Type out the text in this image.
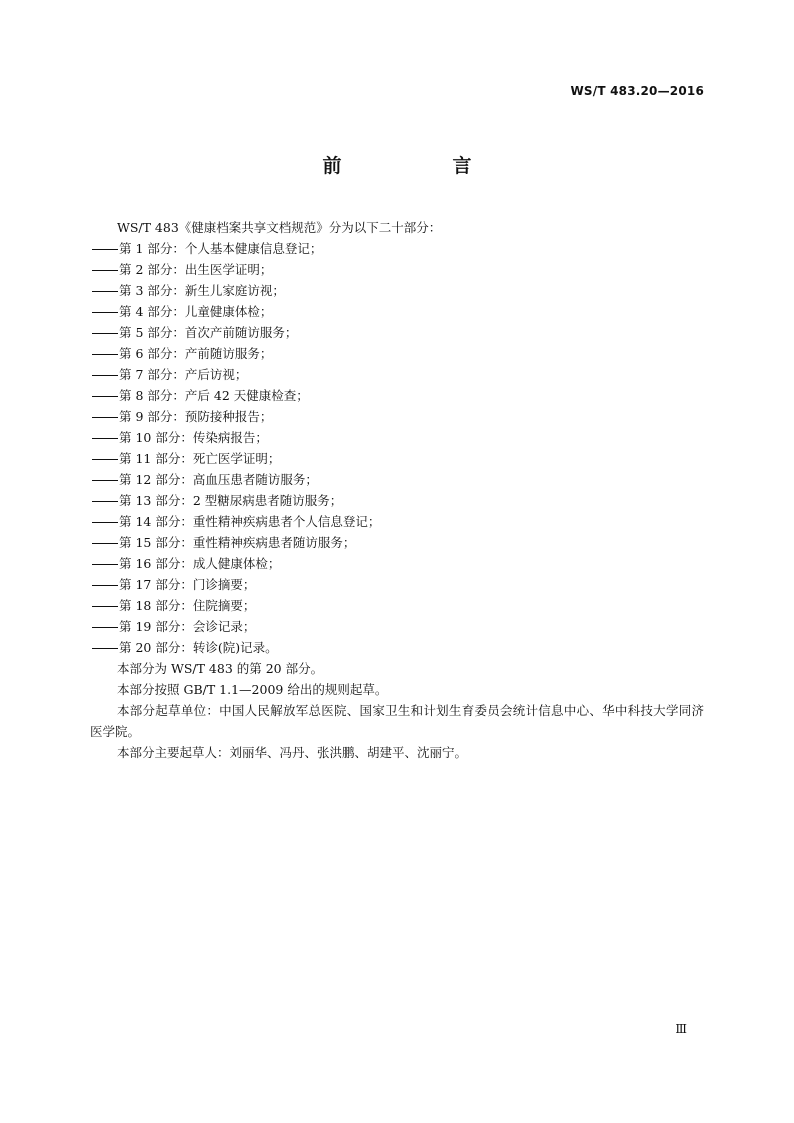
WS/T 483.20—2016
前　言
WS/T 483《健康档案共享文档规范》分为以下二十部分：
第 1 部分：个人基本健康信息登记；
第 2 部分：出生医学证明；
第 3 部分：新生儿家庭访视；
第 4 部分：儿童健康体检；
第 5 部分：首次产前随访服务；
第 6 部分：产前随访服务；
第 7 部分：产后访视；
第 8 部分：产后 42 天健康检查；
第 9 部分：预防接种报告；
第 10 部分：传染病报告；
第 11 部分：死亡医学证明；
第 12 部分：高血压患者随访服务；
第 13 部分：2 型糖尿病患者随访服务；
第 14 部分：重性精神疾病患者个人信息登记；
第 15 部分：重性精神疾病患者随访服务；
第 16 部分：成人健康体检；
第 17 部分：门诊摘要；
第 18 部分：住院摘要；
第 19 部分：会诊记录；
第 20 部分：转诊(院)记录。
本部分为 WS/T 483 的第 20 部分。
本部分按照 GB/T 1.1—2009 给出的规则起草。
本部分起草单位：中国人民解放军总医院、国家卫生和计划生育委员会统计信息中心、华中科技大学同济医学院。
本部分主要起草人：刘丽华、冯丹、张洪鹏、胡建平、沈丽宁。
Ⅲ
